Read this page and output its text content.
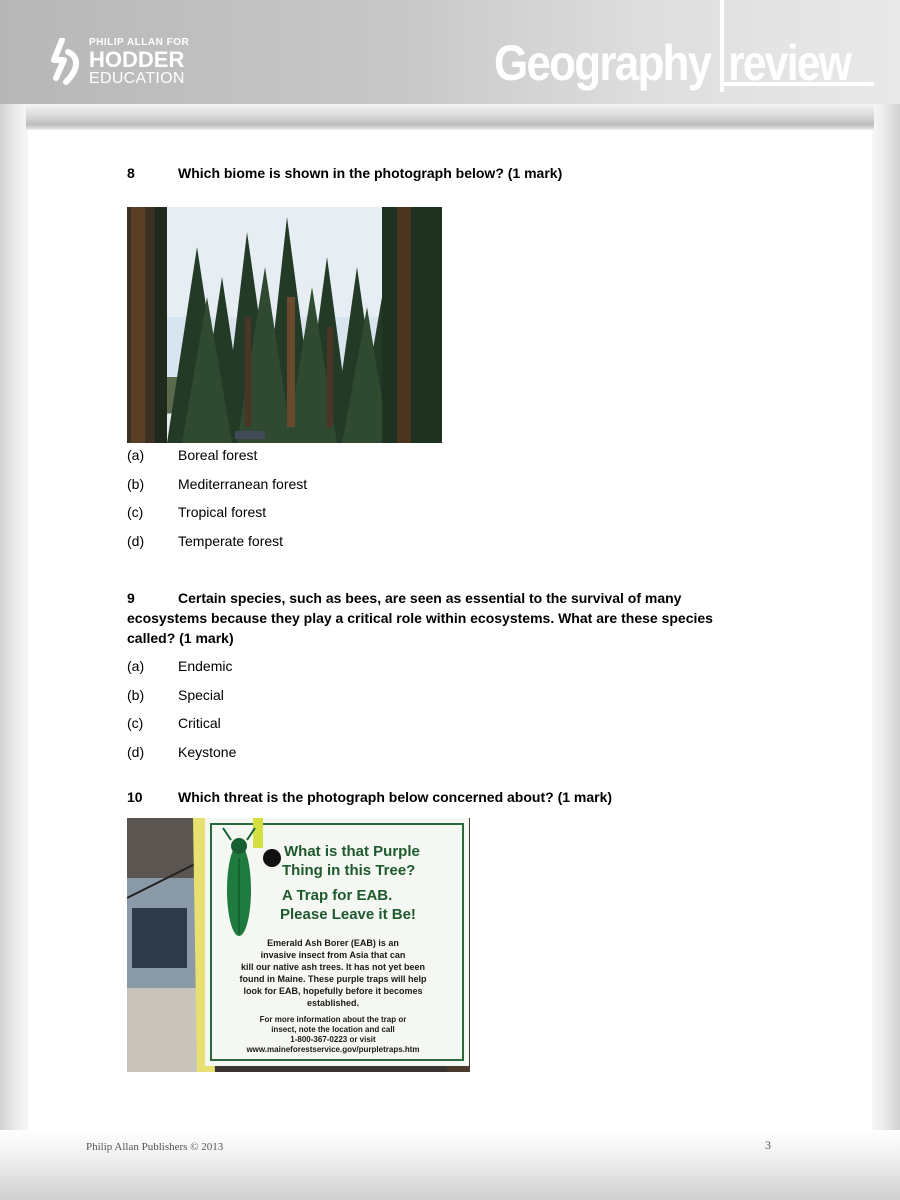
PHILIP ALLAN FOR
HODDER
EDUCATION	Geography review
8	Which biome is shown in the photograph below? (1 mark)
(a) Boreal forest
(b) Mediterranean forest
(c) Tropical forest
(d) Temperate forest
9	Certain species, such as bees, are seen as essential to the survival of many ecosystems because they play a critical role within ecosystems. What are these species called? (1 mark)
(a) Endemic
(b) Special
(c) Critical
(d) Keystone
10	Which threat is the photograph below concerned about? (1 mark)
What is that Purple
Thing in this Tree?
A Trap for EAB.
Please Leave it Be!
Emerald Ash Borer (EAB) is an
invasive insect from Asia that can
kill our native ash trees. It has not yet been
found in Maine. These purple traps will help
look for EAB, hopefully before it becomes
established.
For more information about the trap or
insect, note the location and call
1-800-367-0223 or visit
www.maineforestservice.gov/purpletraps.htm
Philip Allan Publishers © 2013	3
